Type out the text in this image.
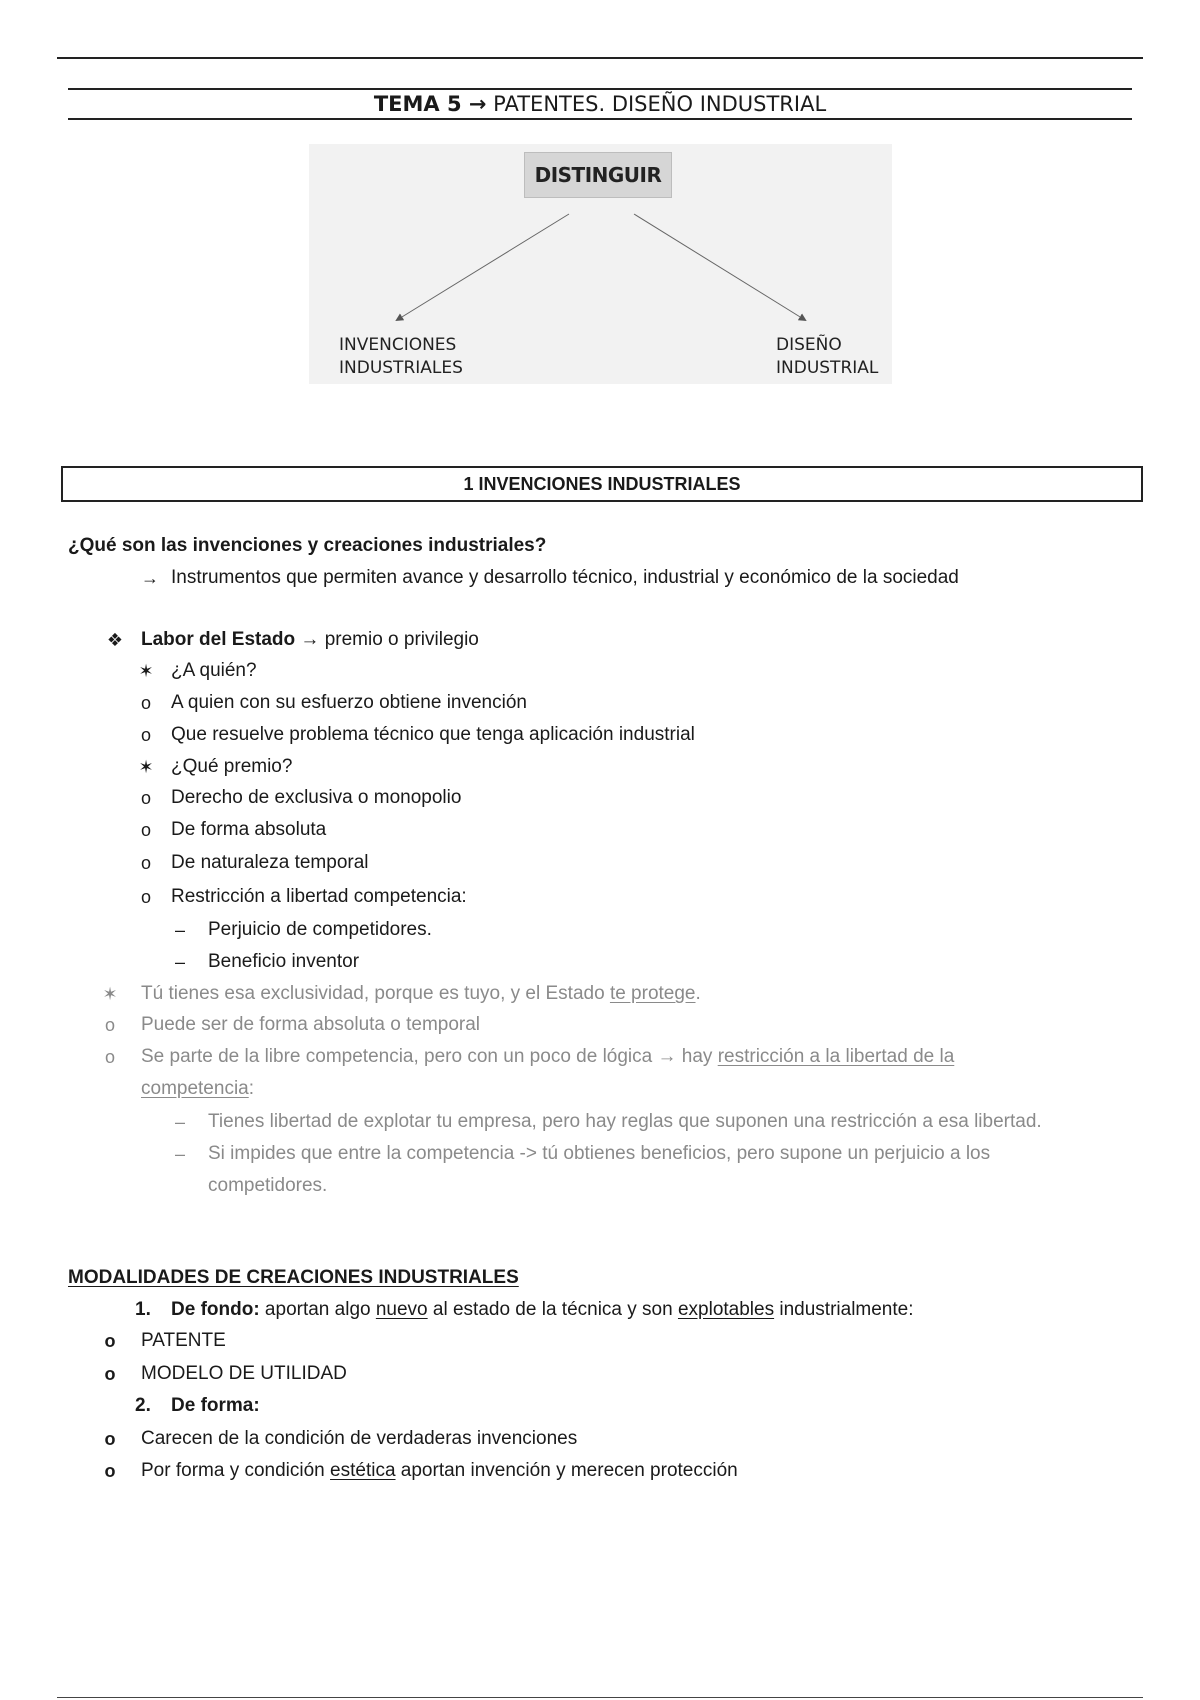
TEMA 5 → PATENTES. DISEÑO INDUSTRIAL
DISTINGUIR
INVENCIONES
INDUSTRIALES
DISEÑO
INDUSTRIAL
1 INVENCIONES INDUSTRIALES
¿Qué son las invenciones y creaciones industriales?
→ Instrumentos que permiten avance y desarrollo técnico, industrial y económico de la sociedad
❖ Labor del Estado → premio o privilegio
✶ ¿A quién?
o A quien con su esfuerzo obtiene invención
o Que resuelve problema técnico que tenga aplicación industrial
✶ ¿Qué premio?
o Derecho de exclusiva o monopolio
o De forma absoluta
o De naturaleza temporal
o Restricción a libertad competencia:
– Perjuicio de competidores.
– Beneficio inventor
✶ Tú tienes esa exclusividad, porque es tuyo, y el Estado te protege.
o Puede ser de forma absoluta o temporal
o Se parte de la libre competencia, pero con un poco de lógica → hay restricción a la libertad de la
competencia:
– Tienes libertad de explotar tu empresa, pero hay reglas que suponen una restricción a esa libertad.
– Si impides que entre la competencia -> tú obtienes beneficios, pero supone un perjuicio a los
competidores.
MODALIDADES DE CREACIONES INDUSTRIALES
1. De fondo: aportan algo nuevo al estado de la técnica y son explotables industrialmente:
o PATENTE
o MODELO DE UTILIDAD
2. De forma:
o Carecen de la condición de verdaderas invenciones
o Por forma y condición estética aportan invención y merecen protección
